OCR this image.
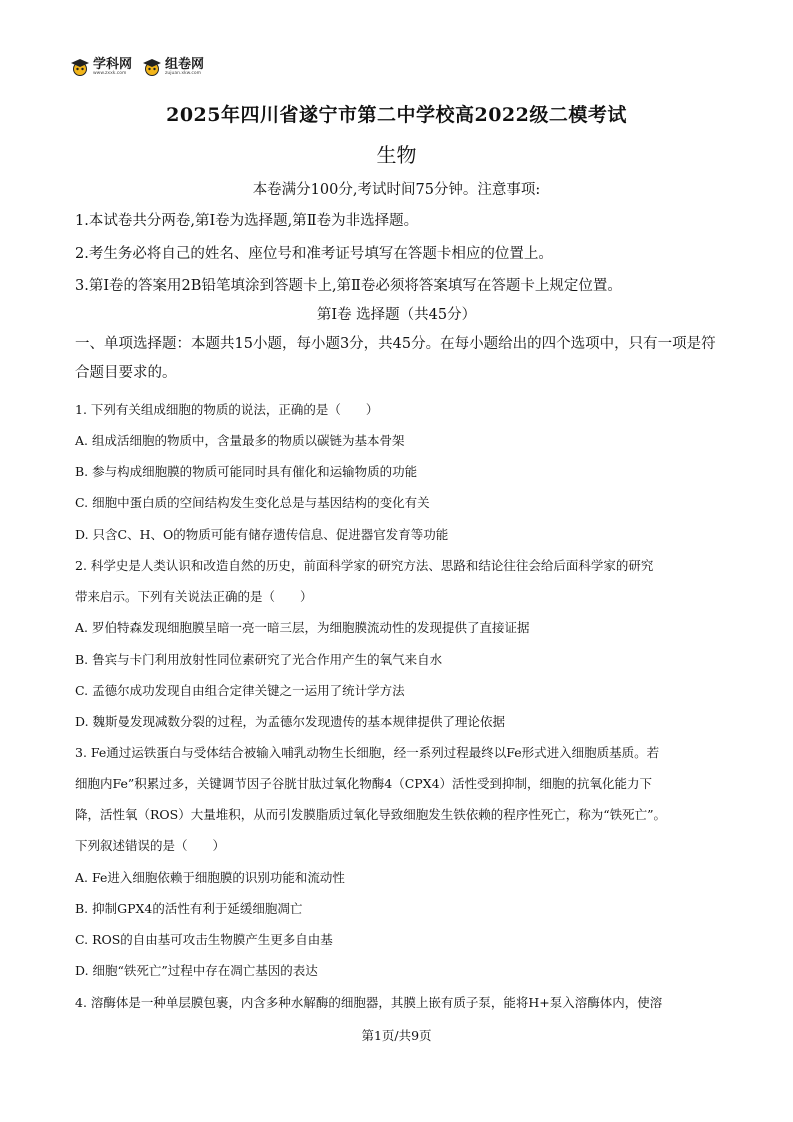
学科网
www.zxxk.com
组卷网
zujuan.xkw.com
2025年四川省遂宁市第二中学校高2022级二模考试
生物
本卷满分100分,考试时间75分钟。注意事项:
1.本试卷共分两卷,第Ⅰ卷为选择题,第Ⅱ卷为非选择题。
2.考生务必将自己的姓名、座位号和准考证号填写在答题卡相应的位置上。
3.第Ⅰ卷的答案用2B铅笔填涂到答题卡上,第Ⅱ卷必须将答案填写在答题卡上规定位置。
第Ⅰ卷 选择题（共45分）
一、单项选择题：本题共15小题，每小题3分，共45分。在每小题给出的四个选项中，只有一项是符合题目要求的。
1. 下列有关组成细胞的物质的说法，正确的是（　　）
A. 组成活细胞的物质中，含量最多的物质以碳链为基本骨架
B. 参与构成细胞膜的物质可能同时具有催化和运输物质的功能
C. 细胞中蛋白质的空间结构发生变化总是与基因结构的变化有关
D. 只含C、H、O的物质可能有储存遗传信息、促进器官发育等功能
2. 科学史是人类认识和改造自然的历史，前面科学家的研究方法、思路和结论往往会给后面科学家的研究
带来启示。下列有关说法正确的是（　　）
A. 罗伯特森发现细胞膜呈暗一亮一暗三层，为细胞膜流动性的发现提供了直接证据
B. 鲁宾与卡门利用放射性同位素研究了光合作用产生的氧气来自水
C. 孟德尔成功发现自由组合定律关键之一运用了统计学方法
D. 魏斯曼发现减数分裂的过程，为孟德尔发现遗传的基本规律提供了理论依据
3. Fe通过运铁蛋白与受体结合被输入哺乳动物生长细胞，经一系列过程最终以Fe形式进入细胞质基质。若
细胞内Fe”积累过多，关键调节因子谷胱甘肽过氧化物酶4（CPX4）活性受到抑制，细胞的抗氧化能力下
降，活性氧（ROS）大量堆积，从而引发膜脂质过氧化导致细胞发生铁依赖的程序性死亡，称为“铁死亡”。
下列叙述错误的是（　　）
A. Fe进入细胞依赖于细胞膜的识别功能和流动性
B. 抑制GPX4的活性有利于延缓细胞凋亡
C. ROS的自由基可攻击生物膜产生更多自由基
D. 细胞“铁死亡”过程中存在凋亡基因的表达
4. 溶酶体是一种单层膜包裹，内含多种水解酶的细胞器，其膜上嵌有质子泵，能将H+泵入溶酶体内，使溶
第1页/共9页
